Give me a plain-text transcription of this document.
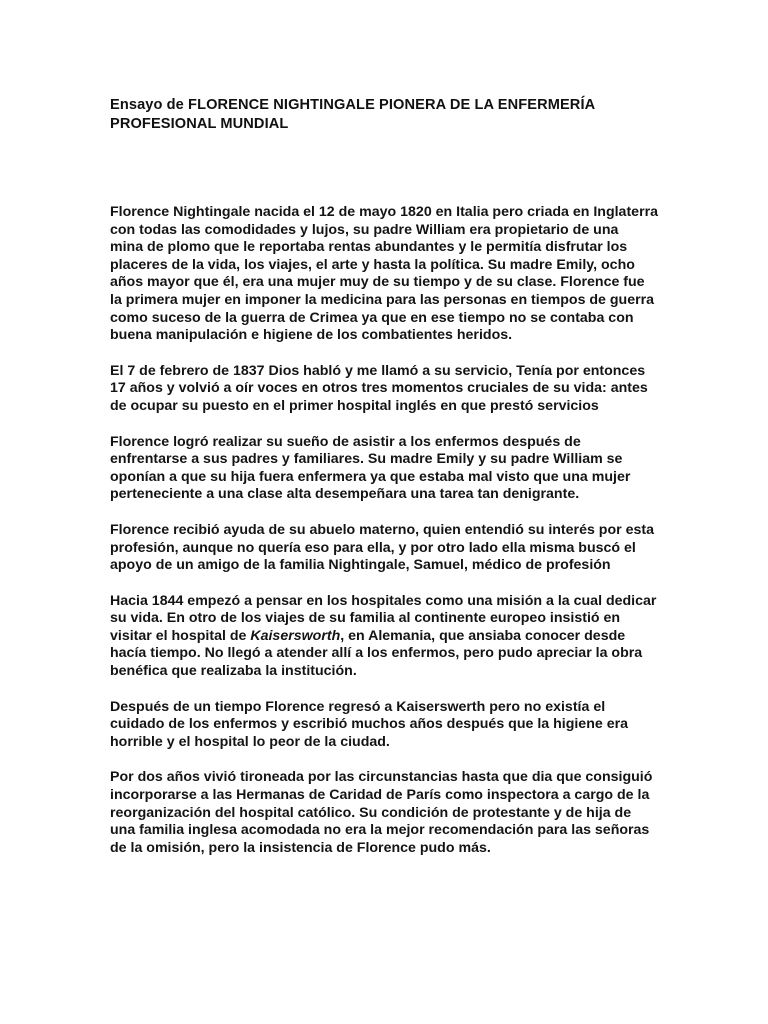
Ensayo de FLORENCE NIGHTINGALE PIONERA DE LA ENFERMERÍA
PROFESIONAL MUNDIAL

Florence Nightingale nacida el 12 de mayo 1820 en Italia pero criada en Inglaterra
con todas las comodidades y lujos, su padre William era propietario de una
mina de plomo que le reportaba rentas abundantes y le permitía disfrutar los
placeres de la vida, los viajes, el arte y hasta la política. Su madre Emily, ocho
años mayor que él, era una mujer muy de su tiempo y de su clase. Florence fue
la primera mujer en imponer la medicina para las personas en tiempos de guerra
como suceso de la guerra de Crimea ya que en ese tiempo no se contaba con
buena manipulación e higiene de los combatientes heridos.

El 7 de febrero de 1837 Dios habló y me llamó a su servicio, Tenía por entonces
17 años y volvió a oír voces en otros tres momentos cruciales de su vida: antes
de ocupar su puesto en el primer hospital inglés en que prestó servicios

Florence logró realizar su sueño de asistir a los enfermos después de
enfrentarse a sus padres y familiares. Su madre Emily y su padre William se
oponían a que su hija fuera enfermera ya que estaba mal visto que una mujer
perteneciente a una clase alta desempeñara una tarea tan denigrante.

Florence recibió ayuda de su abuelo materno, quien entendió su interés por esta
profesión, aunque no quería eso para ella, y por otro lado ella misma buscó el
apoyo de un amigo de la familia Nightingale, Samuel, médico de profesión

Hacia 1844 empezó a pensar en los hospitales como una misión a la cual dedicar
su vida. En otro de los viajes de su familia al continente europeo insistió en
visitar el hospital de Kaisersworth, en Alemania, que ansiaba conocer desde
hacía tiempo. No llegó a atender allí a los enfermos, pero pudo apreciar la obra
benéfica que realizaba la institución.

Después de un tiempo Florence regresó a Kaiserswerth pero no existía el
cuidado de los enfermos y escribió muchos años después que la higiene era
horrible y el hospital lo peor de la ciudad.

Por dos años vivió tironeada por las circunstancias hasta que dia que consiguió
incorporarse a las Hermanas de Caridad de París como inspectora a cargo de la
reorganización del hospital católico. Su condición de protestante y de hija de
una familia inglesa acomodada no era la mejor recomendación para las señoras
de la omisión, pero la insistencia de Florence pudo más.
